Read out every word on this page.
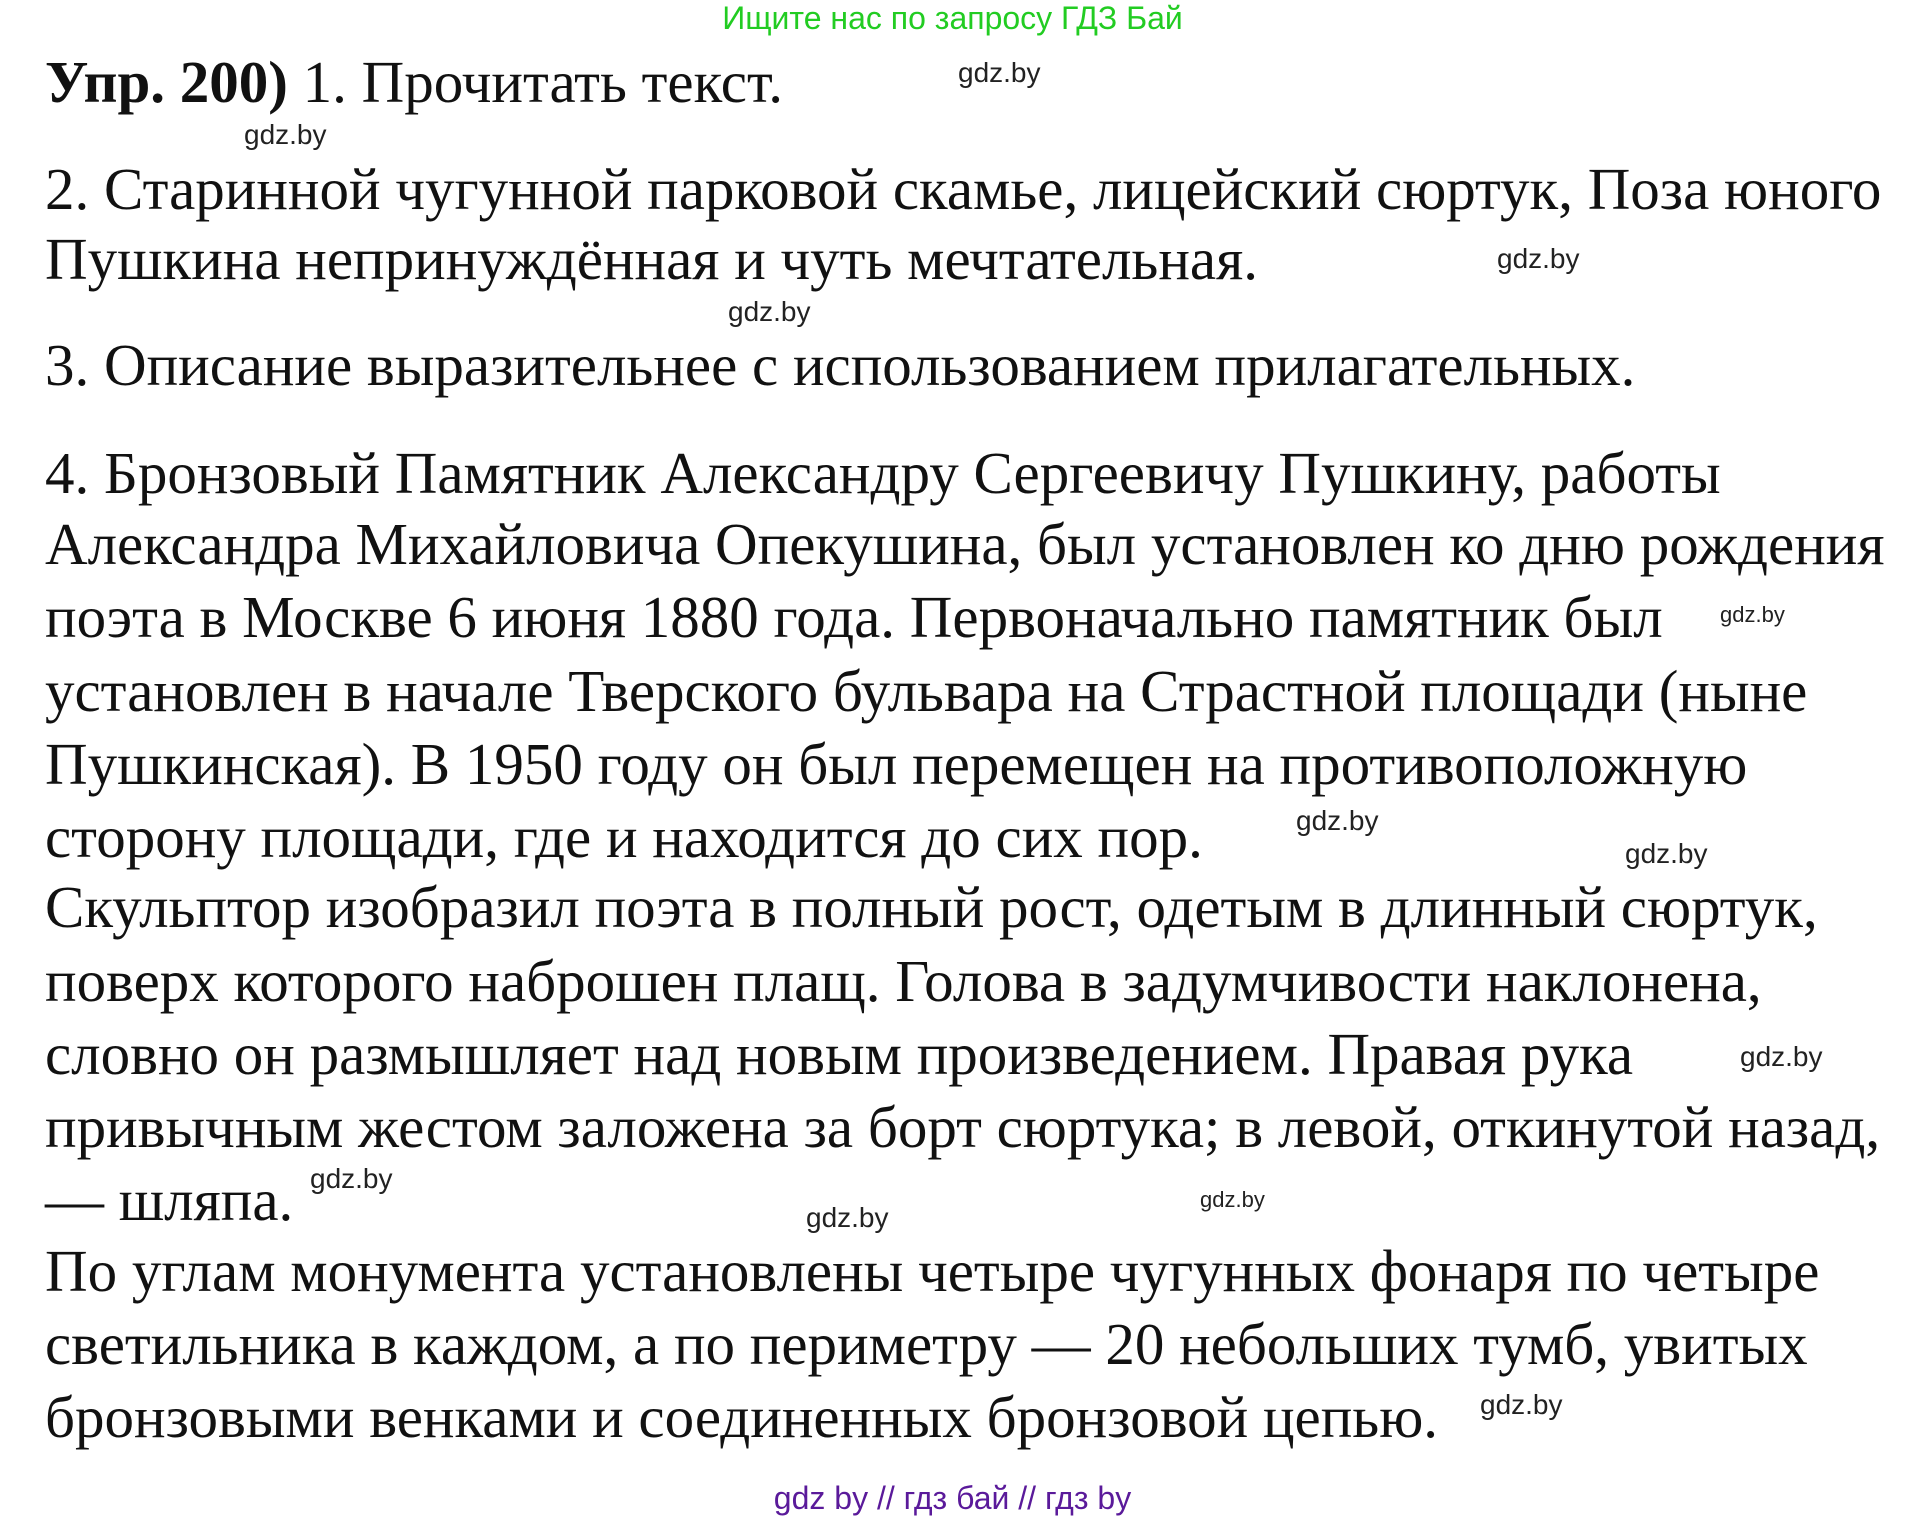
Ищите нас по запросу ГДЗ Бай
Упр. 200) 1. Прочитать текст.
2. Старинной чугунной парковой скамье, лицейский сюртук, Поза юного
Пушкина непринуждённая и чуть мечтательная.
3. Описание выразительнее с использованием прилагательных.
4. Бронзовый Памятник Александру Сергеевичу Пушкину, работы
Александра Михайловича Опекушина, был установлен ко дню рождения
поэта в Москве 6 июня 1880 года. Первоначально памятник был
установлен в начале Тверского бульвара на Страстной площади (ныне
Пушкинская). В 1950 году он был перемещен на противоположную
сторону площади, где и находится до сих пор.
Скульптор изобразил поэта в полный рост, одетым в длинный сюртук,
поверх которого наброшен плащ. Голова в задумчивости наклонена,
словно он размышляет над новым произведением. Правая рука
привычным жестом заложена за борт сюртука; в левой, откинутой назад,
— шляпа.
По углам монумента установлены четыре чугунных фонаря по четыре
светильника в каждом, а по периметру — 20 небольших тумб, увитых
бронзовыми венками и соединенных бронзовой цепью.
gdz.by
gdz.by
gdz.by
gdz.by
gdz.by
gdz.by
gdz.by
gdz.by
gdz.by
gdz.by
gdz.by
gdz.by
gdz by // гдз бай // гдз by
